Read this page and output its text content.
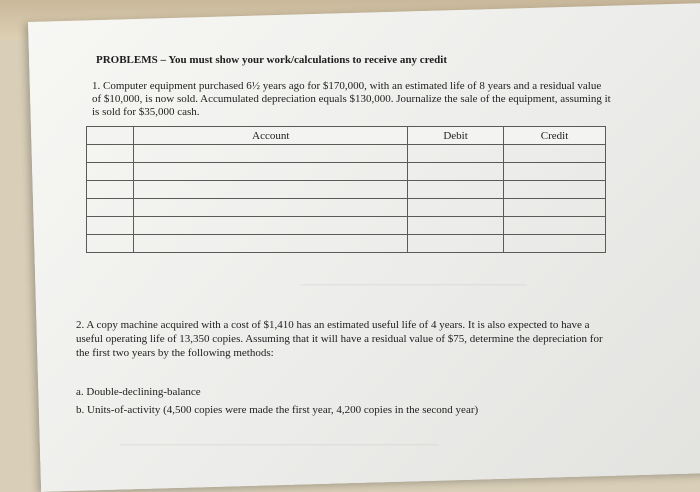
────────────────────────────────
─────────────────────────────────────────────
PROBLEMS – You must show your work/calculations to receive any credit
1. Computer equipment purchased 6½ years ago for $170,000, with an estimated life of 8 years and a residual value of $10,000, is now sold. Accumulated depreciation equals $130,000. Journalize the sale of the equipment, assuming it is sold for $35,000 cash.
	Account	Debit	Credit

2. A copy machine acquired with a cost of $1,410 has an estimated useful life of 4 years. It is also expected to have a useful operating life of 13,350 copies. Assuming that it will have a residual value of $75, determine the depreciation for the first two years by the following methods:
a. Double-declining-balance
b. Units-of-activity (4,500 copies were made the first year, 4,200 copies in the second year)
